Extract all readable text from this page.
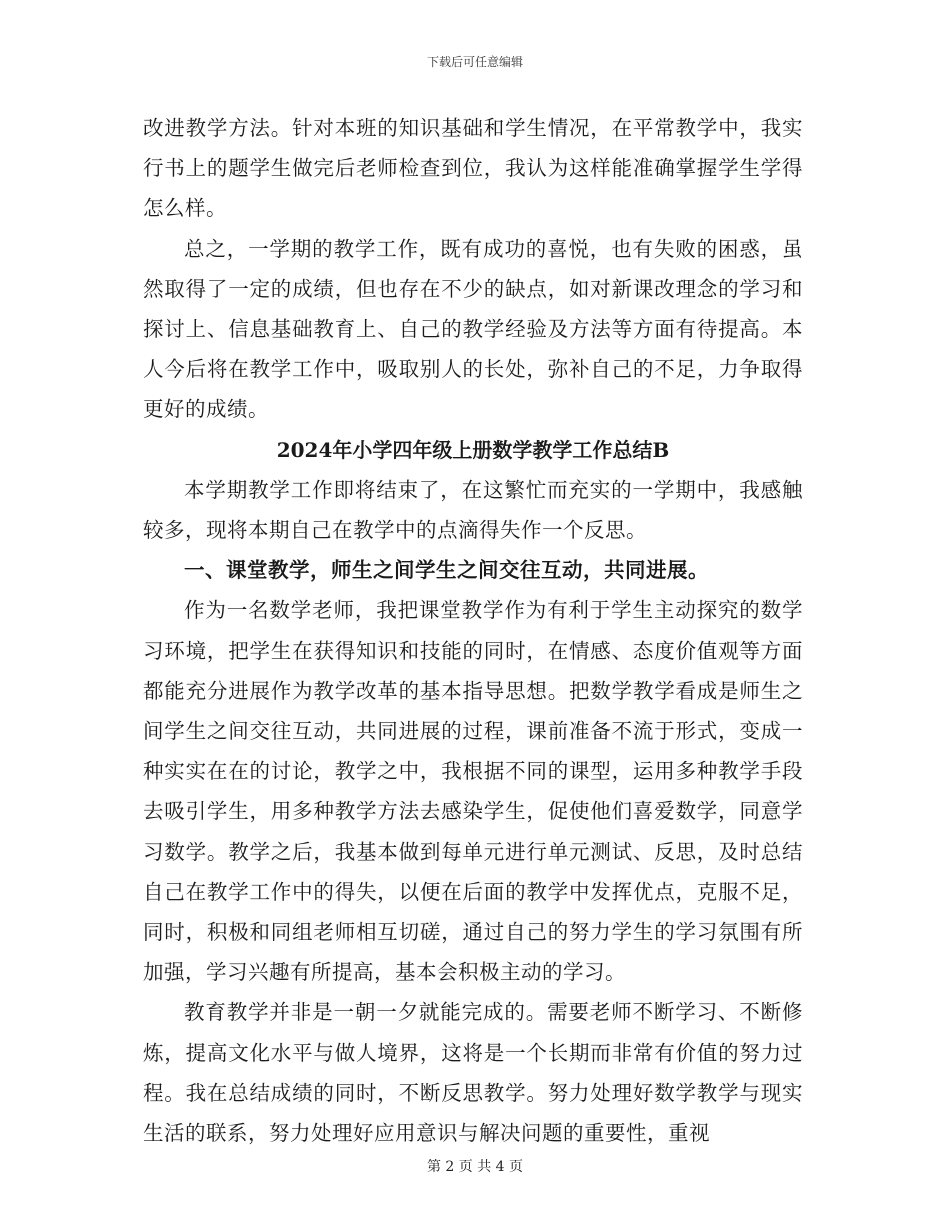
下载后可任意编辑

改进教学方法。针对本班的知识基础和学生情况，在平常教学中，我实行书上的题学生做完后老师检查到位，我认为这样能准确掌握学生学得怎么样。

总之，一学期的教学工作，既有成功的喜悦，也有失败的困惑，虽然取得了一定的成绩，但也存在不少的缺点，如对新课改理念的学习和探讨上、信息基础教育上、自己的教学经验及方法等方面有待提高。本人今后将在教学工作中，吸取别人的长处，弥补自己的不足，力争取得更好的成绩。

2024年小学四年级上册数学教学工作总结B

本学期教学工作即将结束了，在这繁忙而充实的一学期中，我感触较多，现将本期自己在教学中的点滴得失作一个反思。

一、课堂教学，师生之间学生之间交往互动，共同进展。

作为一名数学老师，我把课堂教学作为有利于学生主动探究的数学习环境，把学生在获得知识和技能的同时，在情感、态度价值观等方面都能充分进展作为教学改革的基本指导思想。把数学教学看成是师生之间学生之间交往互动，共同进展的过程，课前准备不流于形式，变成一种实实在在的讨论，教学之中，我根据不同的课型，运用多种教学手段去吸引学生，用多种教学方法去感染学生，促使他们喜爱数学，同意学习数学。教学之后，我基本做到每单元进行单元测试、反思，及时总结自己在教学工作中的得失，以便在后面的教学中发挥优点，克服不足，同时，积极和同组老师相互切磋，通过自己的努力学生的学习氛围有所加强，学习兴趣有所提高，基本会积极主动的学习。

教育教学并非是一朝一夕就能完成的。需要老师不断学习、不断修炼，提高文化水平与做人境界，这将是一个长期而非常有价值的努力过程。我在总结成绩的同时，不断反思教学。努力处理好数学教学与现实生活的联系，努力处理好应用意识与解决问题的重要性，重视

第 2 页 共 4 页
